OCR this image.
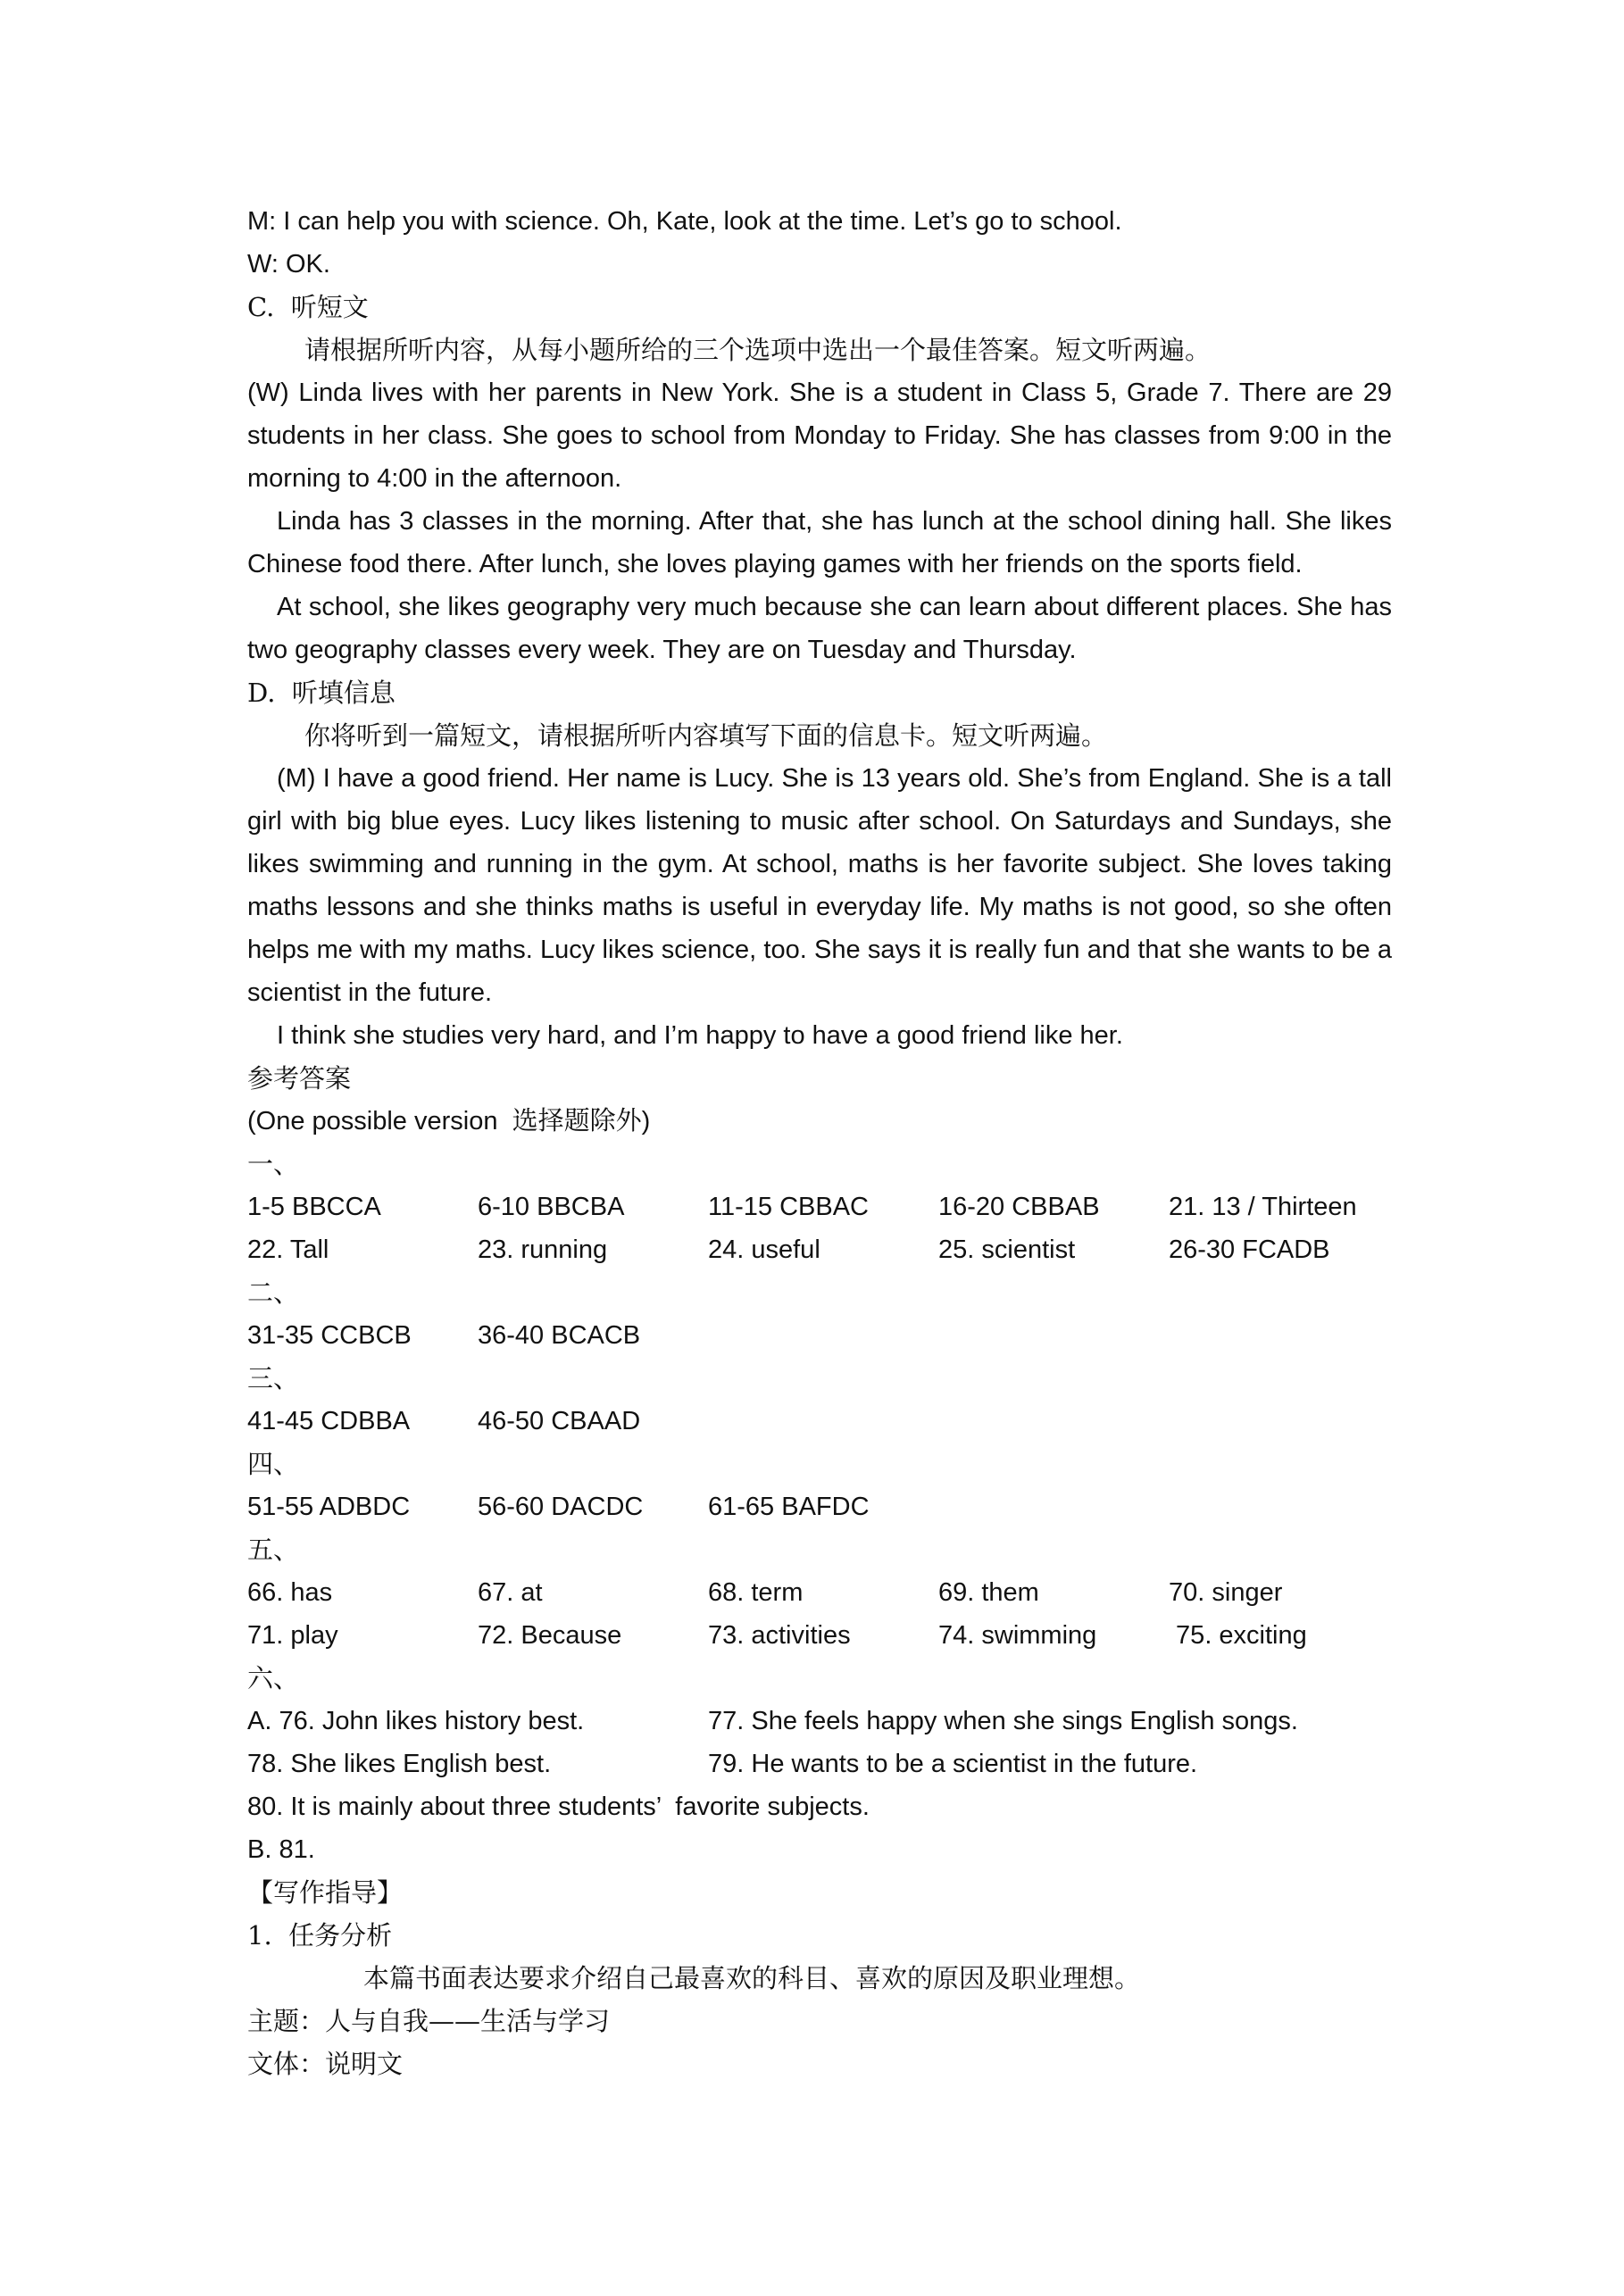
M: I can help you with science. Oh, Kate, look at the time. Let’s go to school.

W: OK.

C.  听短文

请根据所听内容，从每小题所给的三个选项中选出一个最佳答案。短文听两遍。

(W) Linda lives with her parents in New York. She is a student in Class 5, Grade 7. There are 29 students in her class. She goes to school from Monday to Friday. She has classes from 9:00 in the morning to 4:00 in the afternoon.

Linda has 3 classes in the morning. After that, she has lunch at the school dining hall. She likes Chinese food there. After lunch, she loves playing games with her friends on the sports field.

At school, she likes geography very much because she can learn about different places. She has two geography classes every week. They are on Tuesday and Thursday.

D.  听填信息

你将听到一篇短文，请根据所听内容填写下面的信息卡。短文听两遍。

(M) I have a good friend. Her name is Lucy. She is 13 years old. She’s from England. She is a tall girl with big blue eyes. Lucy likes listening to music after school. On Saturdays and Sundays, she likes swimming and running in the gym. At school, maths is her favorite subject. She loves taking maths lessons and she thinks maths is useful in everyday life. My maths is not good, so she often helps me with my maths. Lucy likes science, too. She says it is really fun and that she wants to be a scientist in the future.

I think she studies very hard, and I’m happy to have a good friend like her.

参考答案

(One possible version  选择题除外)

一、

1-5 BBCCA	6-10 BBCBA	11-15 CBBAC	16-20 CBBAB	21. 13 / Thirteen
22. Tall	23. running	24. useful	25. scientist	26-30 FCADB

二、

31-35 CCBCB	36-40 BCACB

三、

41-45 CDBBA	46-50 CBAAD

四、

51-55 ADBDC	56-60 DACDC	61-65 BAFDC

五、

66. has	67. at	68. term	69. them	70. singer
71. play	72. Because	73. activities	74. swimming	75. exciting

六、

A. 76. John likes history best.	77. She feels happy when she sings English songs.
78. She likes English best.	79. He wants to be a scientist in the future.

80. It is mainly about three students’  favorite subjects.

B. 81.

【写作指导】

1.  任务分析

本篇书面表达要求介绍自己最喜欢的科目、喜欢的原因及职业理想。

主题：人与自我——生活与学习

文体：说明文
